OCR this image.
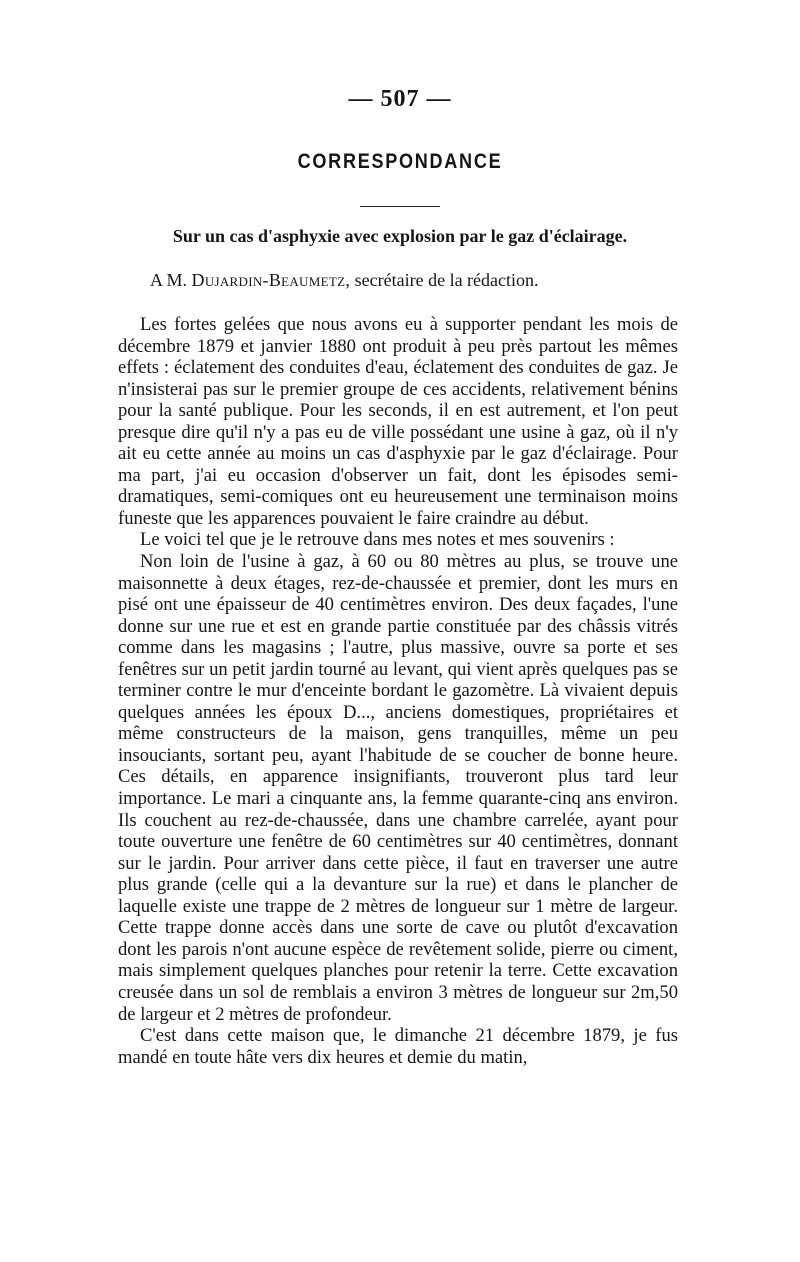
— 507 —
CORRESPONDANCE
Sur un cas d'asphyxie avec explosion par le gaz d'éclairage.
A M. Dujardin-Beaumetz, secrétaire de la rédaction.

Les fortes gelées que nous avons eu à supporter pendant les mois de décembre 1879 et janvier 1880 ont produit à peu près partout les mêmes effets : éclatement des conduites d'eau, éclatement des conduites de gaz. Je n'insisterai pas sur le premier groupe de ces accidents, relativement bénins pour la santé publique. Pour les seconds, il en est autrement, et l'on peut presque dire qu'il n'y a pas eu de ville possédant une usine à gaz, où il n'y ait eu cette année au moins un cas d'asphyxie par le gaz d'éclairage. Pour ma part, j'ai eu occasion d'observer un fait, dont les épisodes semi-dramatiques, semi-comiques ont eu heureusement une terminaison moins funeste que les apparences pouvaient le faire craindre au début.

Le voici tel que je le retrouve dans mes notes et mes souvenirs :

Non loin de l'usine à gaz, à 60 ou 80 mètres au plus, se trouve une maisonnette à deux étages, rez-de-chaussée et premier, dont les murs en pisé ont une épaisseur de 40 centimètres environ. Des deux façades, l'une donne sur une rue et est en grande partie constituée par des châssis vitrés comme dans les magasins ; l'autre, plus massive, ouvre sa porte et ses fenêtres sur un petit jardin tourné au levant, qui vient après quelques pas se terminer contre le mur d'enceinte bordant le gazomètre. Là vivaient depuis quelques années les époux D..., anciens domestiques, propriétaires et même constructeurs de la maison, gens tranquilles, même un peu insouciants, sortant peu, ayant l'habitude de se coucher de bonne heure. Ces détails, en apparence insignifiants, trouveront plus tard leur importance. Le mari a cinquante ans, la femme quarante-cinq ans environ. Ils couchent au rez-de-chaussée, dans une chambre carrelée, ayant pour toute ouverture une fenêtre de 60 centimètres sur 40 centimètres, donnant sur le jardin. Pour arriver dans cette pièce, il faut en traverser une autre plus grande (celle qui a la devanture sur la rue) et dans le plancher de laquelle existe une trappe de 2 mètres de longueur sur 1 mètre de largeur. Cette trappe donne accès dans une sorte de cave ou plutôt d'excavation dont les parois n'ont aucune espèce de revêtement solide, pierre ou ciment, mais simplement quelques planches pour retenir la terre. Cette excavation creusée dans un sol de remblais a environ 3 mètres de longueur sur 2m,50 de largeur et 2 mètres de profondeur.

C'est dans cette maison que, le dimanche 21 décembre 1879, je fus mandé en toute hâte vers dix heures et demie du matin,
